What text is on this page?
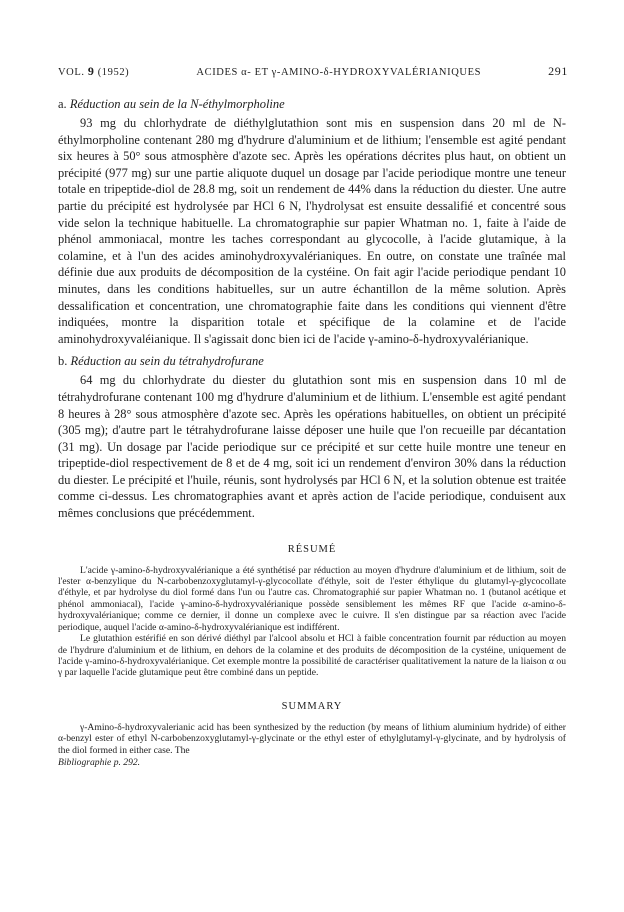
VOL. 9 (1952)	ACIDES α- ET γ-AMINO-δ-HYDROXYVALÉRIANIQUES	291
a. Réduction au sein de la N-éthylmorpholine

93 mg du chlorhydrate de diéthylglutathion sont mis en suspension dans 20 ml de N-éthylmorpholine contenant 280 mg d'hydrure d'aluminium et de lithium; l'ensemble est agité pendant six heures à 50° sous atmosphère d'azote sec. Après les opérations décrites plus haut, on obtient un précipité (977 mg) sur une partie aliquote duquel un dosage par l'acide periodique montre une teneur totale en tripeptide-diol de 28.8 mg, soit un rendement de 44% dans la réduction du diester. Une autre partie du précipité est hydrolysée par HCl 6 N, l'hydrolysat est ensuite dessalifié et concentré sous vide selon la technique habituelle. La chromatographie sur papier Whatman no. 1, faite à l'aide de phénol ammoniacal, montre les taches correspondant au glycocolle, à l'acide glutamique, à la colamine, et à l'un des acides aminohydroxyvalérianiques. En outre, on constate une traînée mal définie due aux produits de décomposition de la cystéine. On fait agir l'acide periodique pendant 10 minutes, dans les conditions habituelles, sur un autre échantillon de la même solution. Après dessalification et concentration, une chromatographie faite dans les conditions qui viennent d'être indiquées, montre la disparition totale et spécifique de la colamine et de l'acide aminohydroxyvaléianique. Il s'agissait donc bien ici de l'acide γ-amino-δ-hydroxyvalérianique.

b. Réduction au sein du tétrahydrofurane

64 mg du chlorhydrate du diester du glutathion sont mis en suspension dans 10 ml de tétrahydrofurane contenant 100 mg d'hydrure d'aluminium et de lithium. L'ensemble est agité pendant 8 heures à 28° sous atmosphère d'azote sec. Après les opérations habituelles, on obtient un précipité (305 mg); d'autre part le tétrahydrofurane laisse déposer une huile que l'on recueille par décantation (31 mg). Un dosage par l'acide periodique sur ce précipité et sur cette huile montre une teneur en tripeptide-diol respectivement de 8 et de 4 mg, soit ici un rendement d'environ 30% dans la réduction du diester. Le précipité et l'huile, réunis, sont hydrolysés par HCl 6 N, et la solution obtenue est traitée comme ci-dessus. Les chromatographies avant et après action de l'acide periodique, conduisent aux mêmes conclusions que précédemment.

RÉSUMÉ

L'acide γ-amino-δ-hydroxyvalérianique a été synthétisé par réduction au moyen d'hydrure d'aluminium et de lithium, soit de l'ester α-benzylique du N-carbobenzoxyglutamyl-γ-glycocollate d'éthyle, soit de l'ester éthylique du glutamyl-γ-glycocollate d'éthyle, et par hydrolyse du diol formé dans l'un ou l'autre cas. Chromatographié sur papier Whatman no. 1 (butanol acétique et phénol ammoniacal), l'acide γ-amino-δ-hydroxyvalérianique possède sensiblement les mêmes RF que l'acide α-amino-δ-hydroxyvalérianique; comme ce dernier, il donne un complexe avec le cuivre. Il s'en distingue par sa réaction avec l'acide periodique, auquel l'acide α-amino-δ-hydroxyvalérianique est indifférent.

Le glutathion estérifié en son dérivé diéthyl par l'alcool absolu et HCl à faible concentration fournit par réduction au moyen de l'hydrure d'aluminium et de lithium, en dehors de la colamine et des produits de décomposition de la cystéine, uniquement de l'acide γ-amino-δ-hydroxyvalérianique. Cet exemple montre la possibilité de caractériser qualitativement la nature de la liaison α ou γ par laquelle l'acide glutamique peut être combiné dans un peptide.

SUMMARY

γ-Amino-δ-hydroxyvalerianic acid has been synthesized by the reduction (by means of lithium aluminium hydride) of either α-benzyl ester of ethyl N-carbobenzoxyglutamyl-γ-glycinate or the ethyl ester of ethylglutamyl-γ-glycinate, and by hydrolysis of the diol formed in either case. The

Bibliographie p. 292.
